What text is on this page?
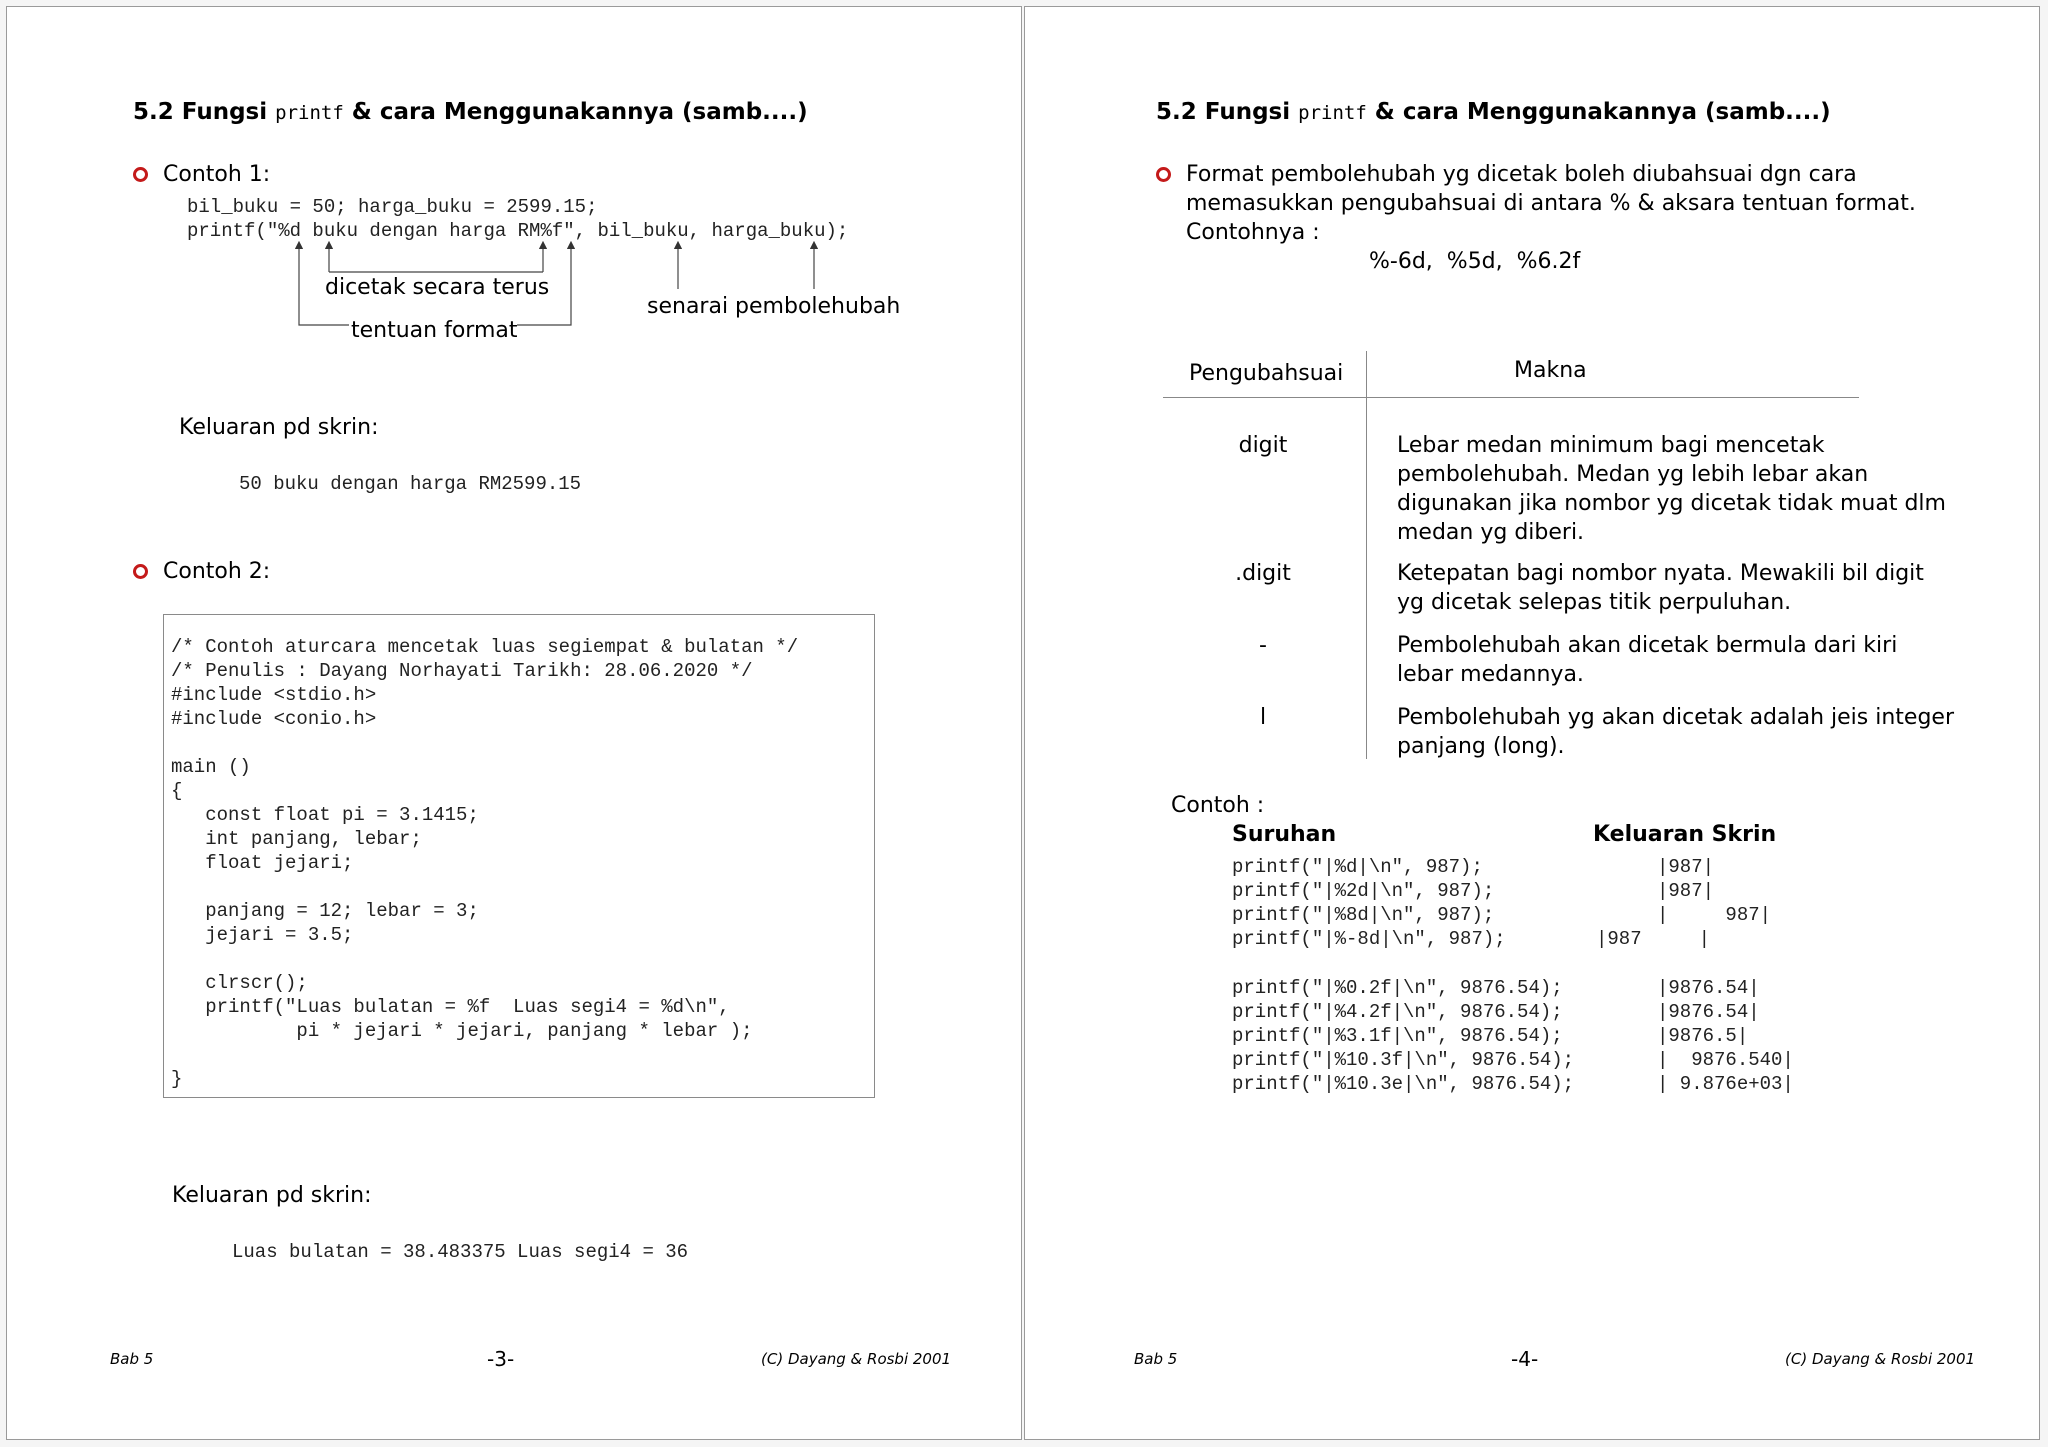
5.2 Fungsi printf & cara Menggunakannya (samb....)
Contoh 1:
bil_buku = 50; harga_buku = 2599.15;
printf("%d buku dengan harga RM%f", bil_buku, harga_buku);
dicetak secara terus
tentuan format
senarai pembolehubah
Keluaran pd skrin:
50 buku dengan harga RM2599.15
Contoh 2:
/* Contoh aturcara mencetak luas segiempat & bulatan */
/* Penulis : Dayang Norhayati Tarikh: 28.06.2020 */
#include <stdio.h>
#include <conio.h>
main ()
{
const float pi = 3.1415;
int panjang, lebar;
float jejari;
panjang = 12; lebar = 3;
jejari = 3.5;
clrscr();
printf("Luas bulatan = %f  Luas segi4 = %d\n",
pi * jejari * jejari, panjang * lebar );
}
Keluaran pd skrin:
Luas bulatan = 38.483375 Luas segi4 = 36
Bab 5	-3-	(C) Dayang & Rosbi 2001
5.2 Fungsi printf & cara Menggunakannya (samb....)
Format pembolehubah yg dicetak boleh diubahsuai dgn cara
memasukkan pengubahsuai di antara % & aksara tentuan format.
Contohnya :
%-6d,  %5d,  %6.2f
Pengubahsuai	Makna
digit	Lebar medan minimum bagi mencetak pembolehubah. Medan yg lebih lebar akan digunakan jika nombor yg dicetak tidak muat dlm medan yg diberi.
.digit	Ketepatan bagi nombor nyata. Mewakili bil digit yg dicetak selepas titik perpuluhan.
-	Pembolehubah akan dicetak bermula dari kiri lebar medannya.
l	Pembolehubah yg akan dicetak adalah jeis integer panjang (long).
Contoh :
Suruhan	Keluaran Skrin
printf("|%d|\n", 987);	|987|
printf("|%2d|\n", 987);	|987|
printf("|%8d|\n", 987);	|     987|
printf("|%-8d|\n", 987);	|987     |
printf("|%0.2f|\n", 9876.54);	|9876.54|
printf("|%4.2f|\n", 9876.54);	|9876.54|
printf("|%3.1f|\n", 9876.54);	|9876.5|
printf("|%10.3f|\n", 9876.54);	|  9876.540|
printf("|%10.3e|\n", 9876.54);	| 9.876e+03|
Bab 5	-4-	(C) Dayang & Rosbi 2001
